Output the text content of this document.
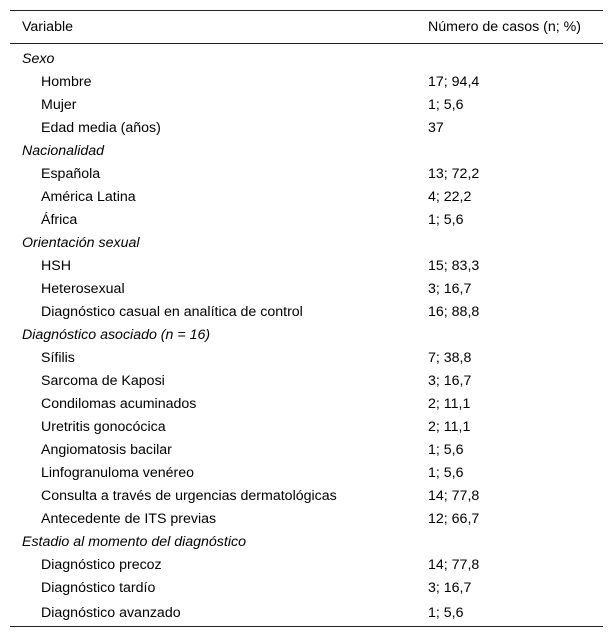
Variable	Número de casos (n; %)
Sexo	
Hombre	17; 94,4
Mujer	1; 5,6
Edad media (años)	37
Nacionalidad	
Española	13; 72,2
América Latina	4; 22,2
África	1; 5,6
Orientación sexual	
HSH	15; 83,3
Heterosexual	3; 16,7
Diagnóstico casual en analítica de control	16; 88,8
Diagnóstico asociado (n = 16)	
Sífilis	7; 38,8
Sarcoma de Kaposi	3; 16,7
Condilomas acuminados	2; 11,1
Uretritis gonocócica	2; 11,1
Angiomatosis bacilar	1; 5,6
Linfogranuloma venéreo	1; 5,6
Consulta a través de urgencias dermatológicas	14; 77,8
Antecedente de ITS previas	12; 66,7
Estadio al momento del diagnóstico	
Diagnóstico precoz	14; 77,8
Diagnóstico tardío	3; 16,7
Diagnóstico avanzado	1; 5,6
